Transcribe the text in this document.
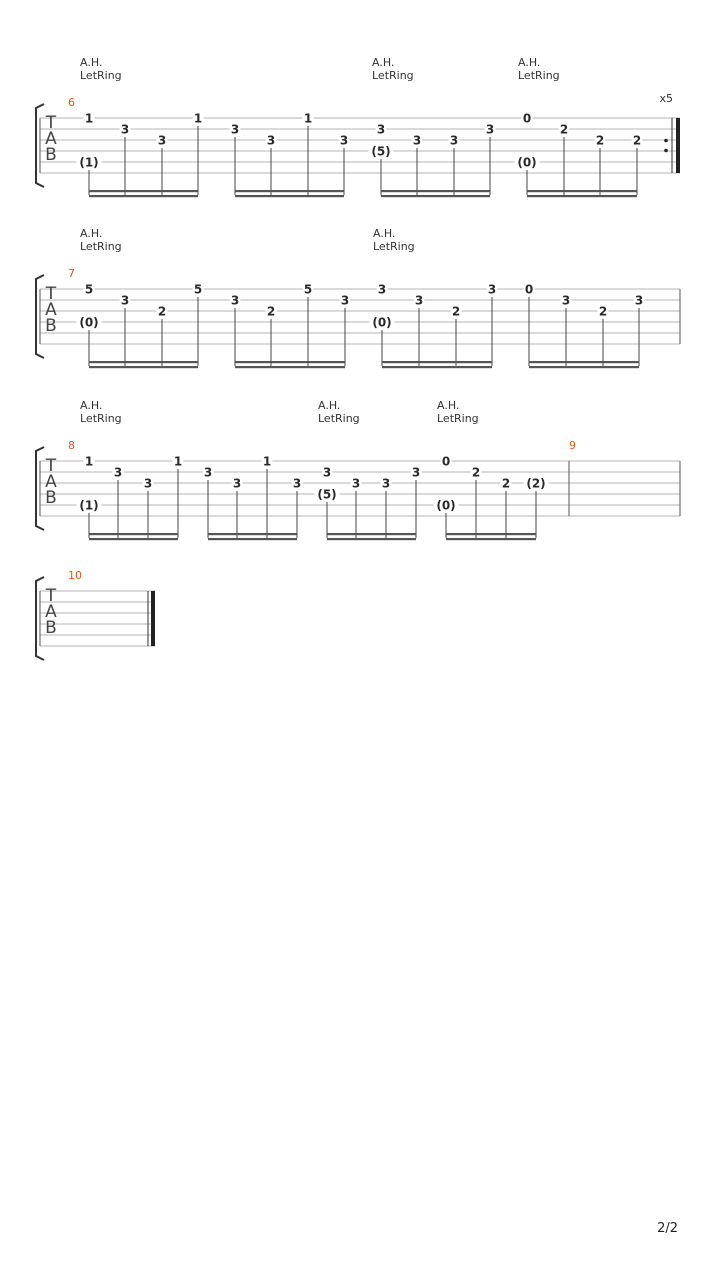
T
A
B
6	x5
1
(1)
3
3
1
3
3
1
3
3
(5)
3 3
3
0
(0)
2
2 2
A.H.
LetRing
A.H.
LetRing
A.H.
LetRing
T
A
B
7
5
(0)
3
2
5
3
2
5
3
3
(0)
3
2
3 0
3
2
3
A.H.
LetRing
A.H.
LetRing
T
A
B
8	9
1
(1)
3
3
1
3
3
1
3
3
(5)
3 3
3
0
(0)
2
2 (2)
A.H.
LetRing
A.H.
LetRing
A.H.
LetRing
T
A
B
10
2/2
